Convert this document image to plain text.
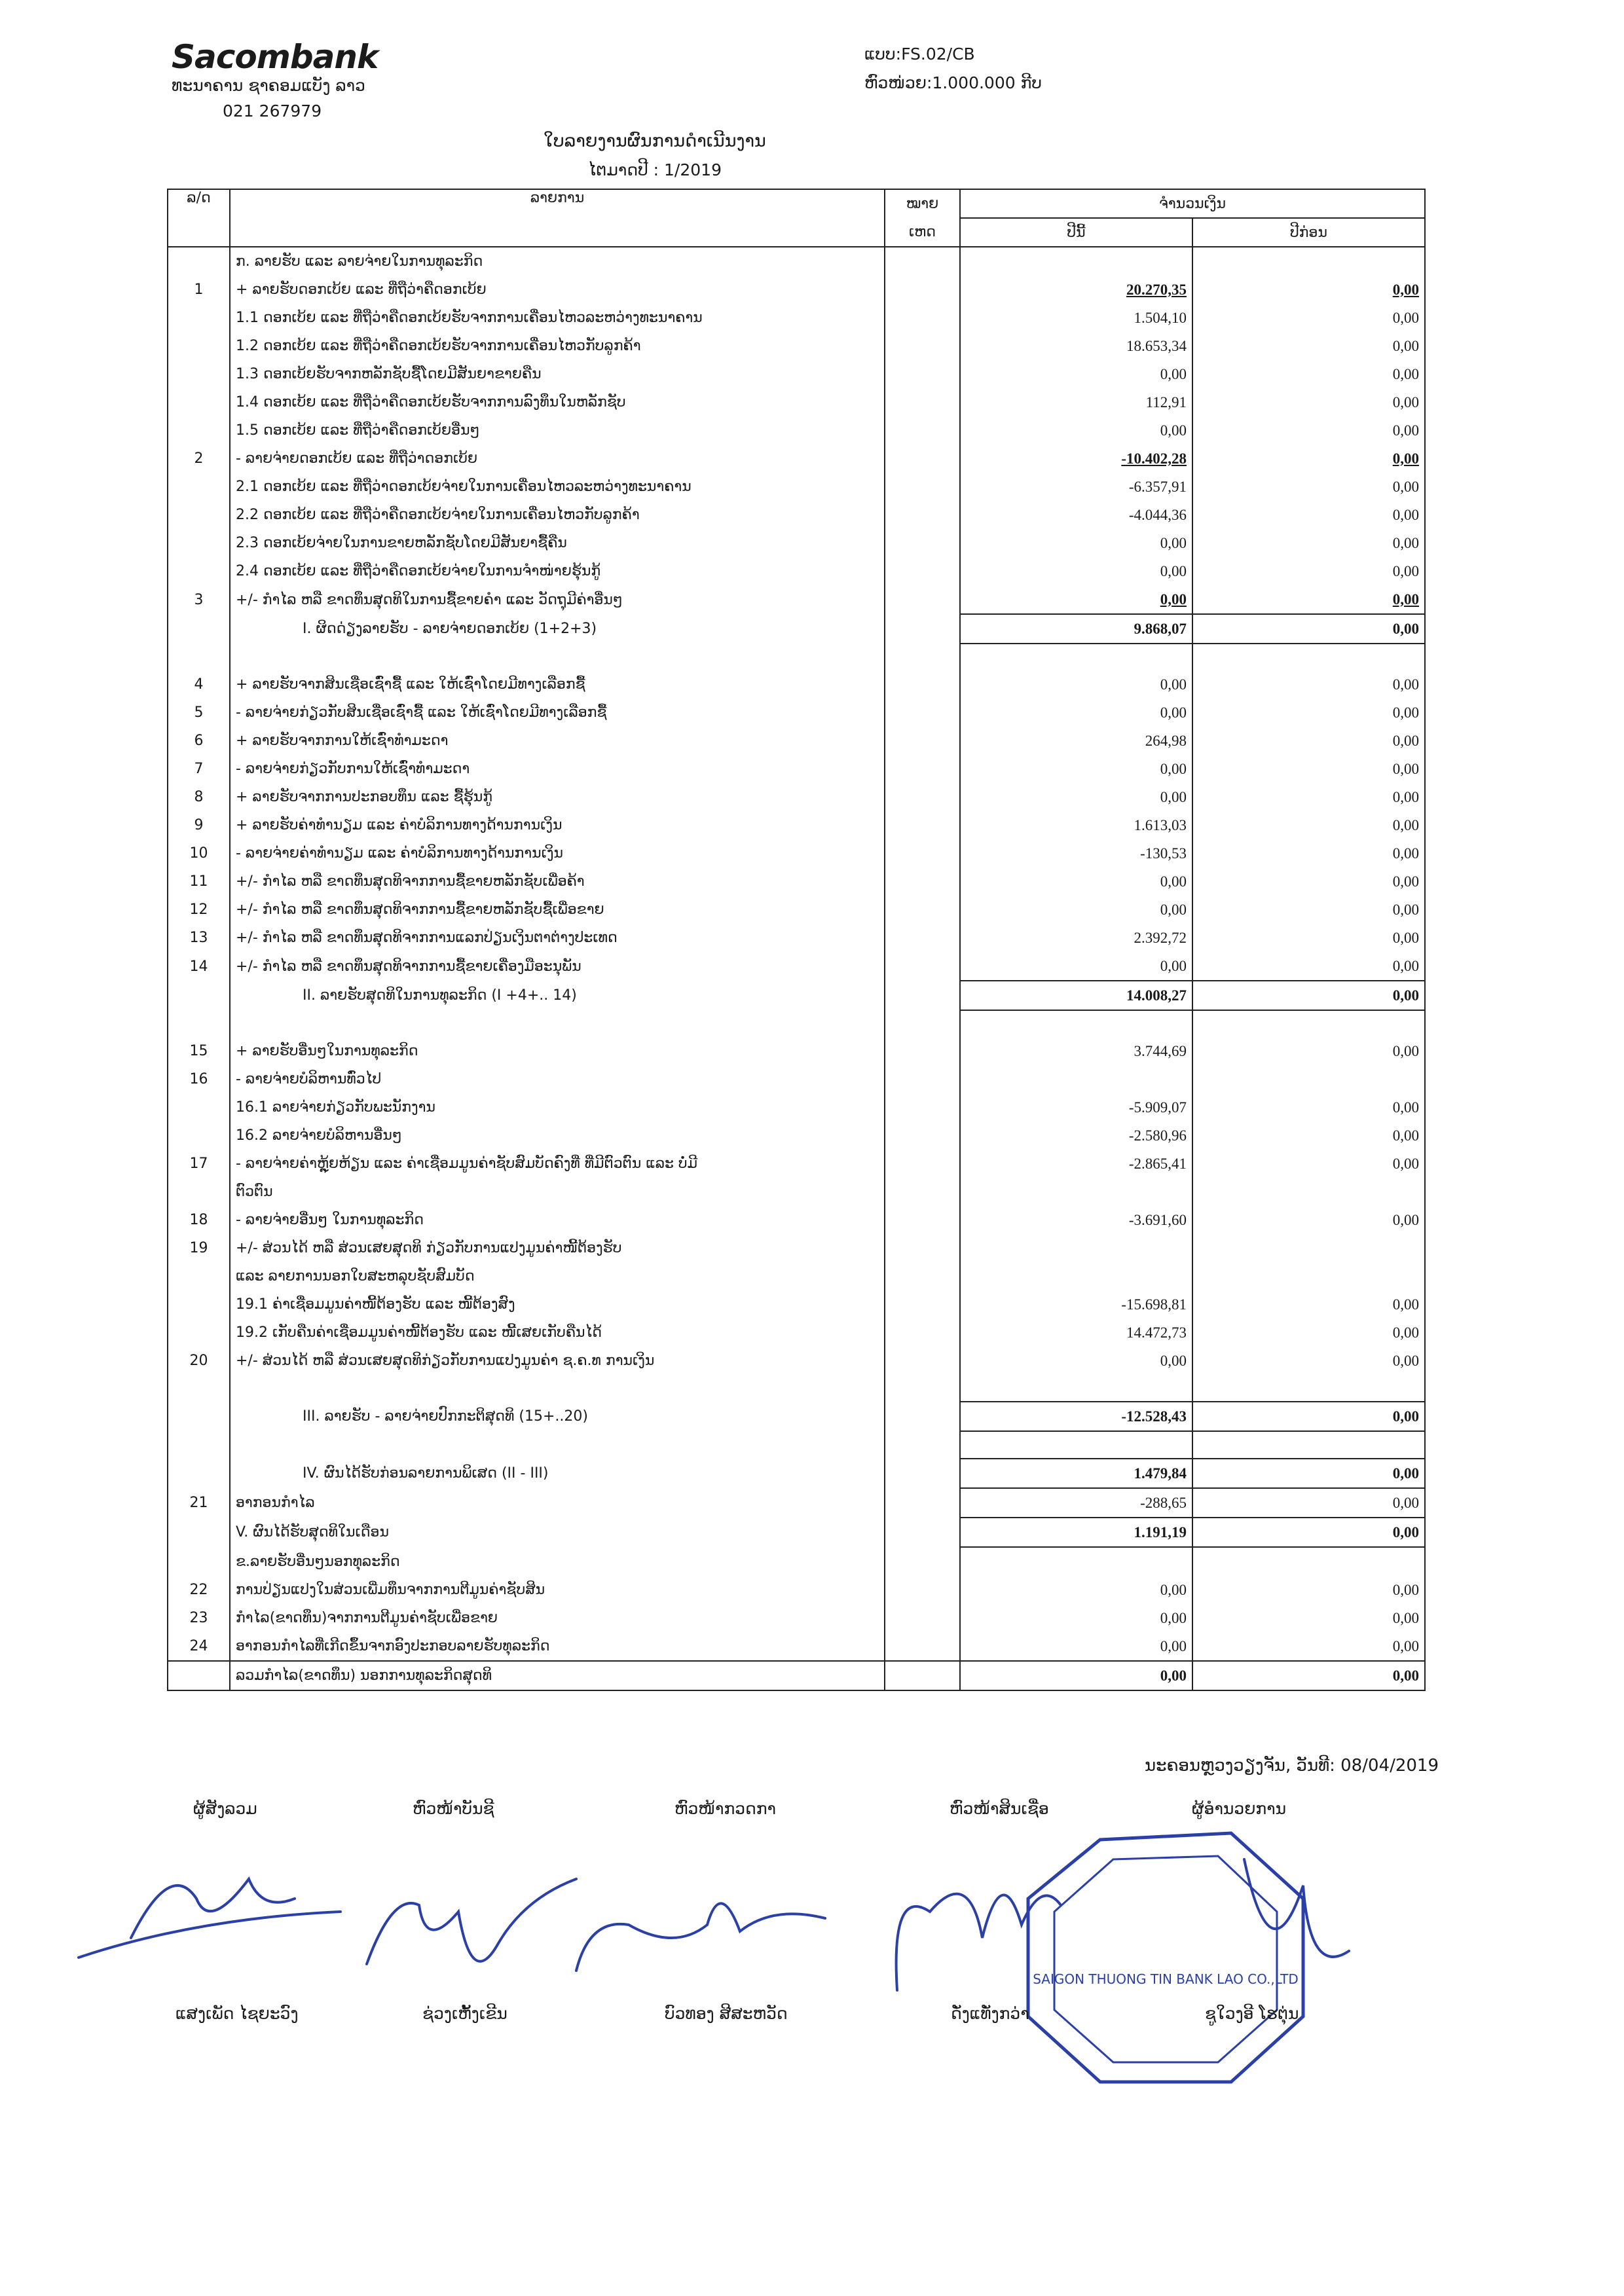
Sacombank
ທະນາຄານ ຊາຄອມແບັງ ລາວ
021 267979
ແບບ:FS.02/CB
ຫົວໜ່ວຍ:1.000.000 ກີບ
ໃບລາຍງານຜົນການດຳເນີນງານ
ໄຕມາດປີ : 1/2019
ລ/ດ	ລາຍການ	ໝາຍ	ຈຳນວນເງິນ	
		ເຫດ	ປີນີ້	ປີກ່ອນ
	ກ. ລາຍຮັບ ແລະ ລາຍຈ່າຍໃນການທຸລະກິດ			
1	+ ລາຍຮັບດອກເບ້ຍ ແລະ ທີ່ຖືວ່າຄືດອກເບ້ຍ		20.270,35	0,00
	1.1 ດອກເບ້ຍ ແລະ ທີ່ຖືວ່າຄືດອກເບ້ຍຮັບຈາກການເຄື່ອນໄຫວລະຫວ່າງທະນາຄານ		1.504,10	0,00
	1.2 ດອກເບ້ຍ ແລະ ທີ່ຖືວ່າຄືດອກເບ້ຍຮັບຈາກການເຄື່ອນໄຫວກັບລູກຄ້າ		18.653,34	0,00
	1.3 ດອກເບ້ຍຮັບຈາກຫລັກຊັບຊື້ໂດຍມີສັນຍາຂາຍຄືນ		0,00	0,00
	1.4 ດອກເບ້ຍ ແລະ ທີ່ຖືວ່າຄືດອກເບ້ຍຮັບຈາກການລົງທຶນໃນຫລັກຊັບ		112,91	0,00
	1.5 ດອກເບ້ຍ ແລະ ທີ່ຖືວ່າຄືດອກເບ້ຍອື່ນໆ		0,00	0,00
2	- ລາຍຈ່າຍດອກເບ້ຍ ແລະ ທີ່ຖືວ່າດອກເບ້ຍ		-10.402,28	0,00
	2.1 ດອກເບ້ຍ ແລະ ທີ່ຖືວ່າດອກເບ້ຍຈ່າຍໃນການເຄື່ອນໄຫວລະຫວ່າງທະນາຄານ		-6.357,91	0,00
	2.2 ດອກເບ້ຍ ແລະ ທີ່ຖືວ່າຄືດອກເບ້ຍຈ່າຍໃນການເຄື່ອນໄຫວກັບລູກຄ້າ		-4.044,36	0,00
	2.3 ດອກເບ້ຍຈ່າຍໃນການຂາຍຫລັກຊັບໂດຍມີສັນຍາຊື້ຄືນ		0,00	0,00
	2.4 ດອກເບ້ຍ ແລະ ທີ່ຖືວ່າຄືດອກເບ້ຍຈ່າຍໃນການຈຳໜ່າຍຮຸ້ນກູ້		0,00	0,00
3	+/- ກຳໄລ ຫລື ຂາດທຶນສຸດທິໃນການຊື້ຂາຍຄຳ ແລະ ວັດຖຸມີຄ່າອື່ນໆ		0,00	0,00
	I. ຜິດດ່ຽງລາຍຮັບ - ລາຍຈ່າຍດອກເບ້ຍ (1+2+3)		9.868,07	0,00

4	+ ລາຍຮັບຈາກສິນເຊື່ອເຊົ່າຊື້ ແລະ ໃຫ້ເຊົ່າໂດຍມີທາງເລືອກຊື້		0,00	0,00
5	- ລາຍຈ່າຍກ່ຽວກັບສິນເຊື່ອເຊົ່າຊື້ ແລະ ໃຫ້ເຊົ່າໂດຍມີທາງເລືອກຊື້		0,00	0,00
6	+ ລາຍຮັບຈາກການໃຫ້ເຊົ່າທຳມະດາ		264,98	0,00
7	- ລາຍຈ່າຍກ່ຽວກັບການໃຫ້ເຊົ່າທຳມະດາ		0,00	0,00
8	+ ລາຍຮັບຈາກການປະກອບທຶນ ແລະ ຊື້ຮຸ້ນກູ້		0,00	0,00
9	+ ລາຍຮັບຄ່າທຳນຽມ ແລະ ຄ່າບໍລິການທາງດ້ານການເງິນ		1.613,03	0,00
10	- ລາຍຈ່າຍຄ່າທຳນຽມ ແລະ ຄ່າບໍລິການທາງດ້ານການເງິນ		-130,53	0,00
11	+/- ກຳໄລ ຫລື ຂາດທຶນສຸດທິຈາກການຊື້ຂາຍຫລັກຊັບເພື່ອຄ້າ		0,00	0,00
12	+/- ກຳໄລ ຫລື ຂາດທຶນສຸດທິຈາກການຊື້ຂາຍຫລັກຊັບຊື້ເພື່ອຂາຍ		0,00	0,00
13	+/- ກຳໄລ ຫລື ຂາດທຶນສຸດທິຈາກການແລກປ່ຽນເງິນຕາຕ່າງປະເທດ		2.392,72	0,00
14	+/- ກຳໄລ ຫລື ຂາດທຶນສຸດທິຈາກການຊື້ຂາຍເຄື່ອງມືອະນຸພັນ		0,00	0,00
	II. ລາຍຮັບສຸດທິໃນການທຸລະກິດ (I +4+.. 14)		14.008,27	0,00

15	+ ລາຍຮັບອື່ນໆໃນການທຸລະກິດ		3.744,69	0,00
16	- ລາຍຈ່າຍບໍລິຫານທົ່ວໄປ			
	16.1 ລາຍຈ່າຍກ່ຽວກັບພະນັກງານ		-5.909,07	0,00
	16.2 ລາຍຈ່າຍບໍລິຫານອື່ນໆ		-2.580,96	0,00
17	- ລາຍຈ່າຍຄ່າຫຼຸ້ຍຫ້ຽນ ແລະ ຄ່າເຊື່ອມມູນຄ່າຊັບສົມບັດຄົງທີ່ ທີ່ມີຕົວຕົນ ແລະ ບໍ່ມີ		-2.865,41	0,00
	ຕົວຕົນ			
18	- ລາຍຈ່າຍອື່ນໆ ໃນການທຸລະກິດ		-3.691,60	0,00
19	+/- ສ່ວນໄດ້ ຫລື ສ່ວນເສຍສຸດທິ ກ່ຽວກັບການແປງມູນຄ່າໜີ້ຕ້ອງຮັບ			
	ແລະ ລາຍການນອກໃບສະຫລຸບຊັບສົມບັດ			
	19.1 ຄ່າເຊື່ອມມູນຄ່າໜີ້ຕ້ອງຮັບ ແລະ ໜີ້ຕ້ອງສົງ		-15.698,81	0,00
	19.2 ເກັບຄືນຄ່າເຊື່ອມມູນຄ່າໜີ້ຕ້ອງຮັບ ແລະ ໜີ້ເສຍເກັບຄືນໄດ້		14.472,73	0,00
20	+/- ສ່ວນໄດ້ ຫລື ສ່ວນເສຍສຸດທິກ່ຽວກັບການແປງມູນຄ່າ ຊ.ຄ.ທ ການເງິນ		0,00	0,00

	III. ລາຍຮັບ - ລາຍຈ່າຍປົກກະຕິສຸດທິ (15+..20)		-12.528,43	0,00

	IV. ຜົນໄດ້ຮັບກ່ອນລາຍການພິເສດ (II - III)		1.479,84	0,00
21	ອາກອນກຳໄລ		-288,65	0,00
	V. ຜົນໄດ້ຮັບສຸດທິໃນເດືອນ		1.191,19	0,00
	ຂ.ລາຍຮັບອື່ນໆນອກທຸລະກິດ			
22	ການປ່ຽນແປງໃນສ່ວນເພີ່ມທຶນຈາກການຕີມູນຄ່າຊັບສິນ		0,00	0,00
23	ກຳໄລ(ຂາດທຶນ)ຈາກການຕີມູນຄ່າຊັບເພື່ອຂາຍ		0,00	0,00
24	ອາກອນກຳໄລທີ່ເກີດຂຶ້ນຈາກອົງປະກອບລາຍຮັບທຸລະກິດ		0,00	0,00
	ລວມກຳໄລ(ຂາດທຶນ) ນອກການທຸລະກິດສຸດທິ		0,00	0,00
ນະຄອນຫຼວງວຽງຈັນ, ວັນທີ: 08/04/2019
ຜູ້ສັງລວມ	ຫົວໜ້າບັນຊີ	ຫົວໜ້າກວດກາ	ຫົວໜ້າສິນເຊື່ອ	ຜູ້ອຳນວຍການ
SAIGON THUONG TIN BANK LAO CO.,LTD
ແສງເພັດ ໄຊຍະວົງ	ຊ່ວງເຫັ້ງເຂີນ	ບົວທອງ ສີສະຫວັດ	ດັ່ງແທັ່ງກວ່າ	ຊູໃວງອີ ໂຮຕຸ່ນ
